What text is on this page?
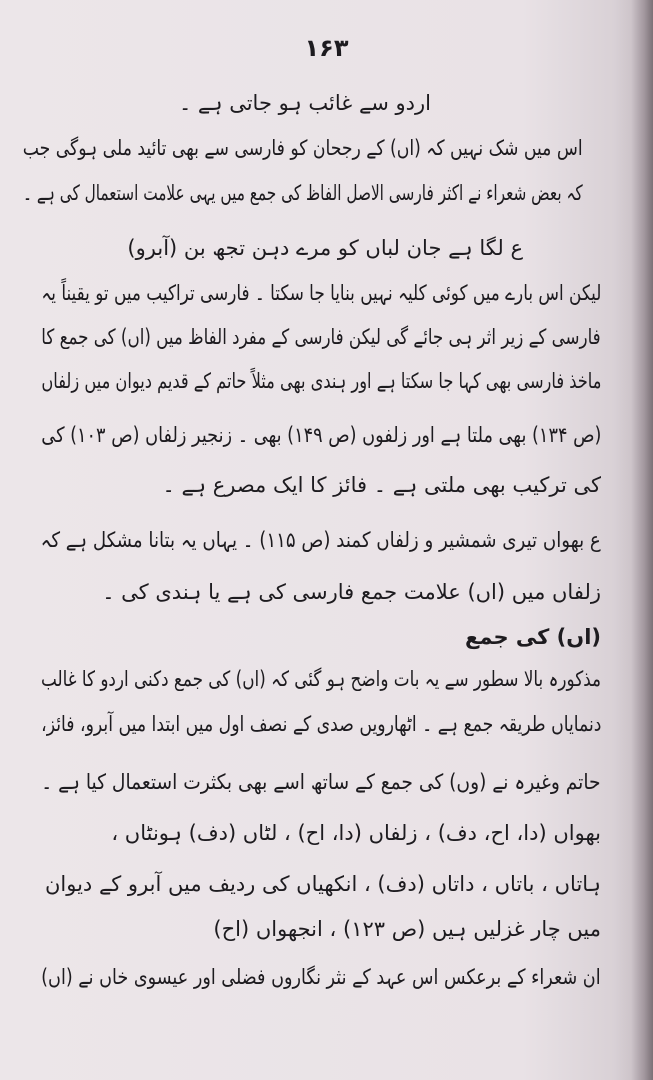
۱۶۳
اردو سے غائب ہو جاتی ہے ۔
اس میں شک نہیں کہ (اں) کے رجحان کو فارسی سے بھی تائید ملی ہوگی جب
کہ بعض شعراء نے اکثر فارسی الاصل الفاظ کی جمع میں یہی علامت استعمال کی ہے ۔
ع لگا ہے جان لباں کو مرے دہن تجھ بن (آبرو)
لیکن اس بارے میں کوئی کلیہ نہیں بنایا جا سکتا ۔ فارسی تراکیب میں تو یقیناً یہ
فارسی کے زیر اثر ہی جائے گی لیکن فارسی کے مفرد الفاظ میں (اں) کی جمع کا
ماخذ فارسی بھی کہا جا سکتا ہے اور ہندی بھی مثلاً حاتم کے قدیم دیوان میں زلفاں
(ص ۱۳۴) بھی ملتا ہے اور زلفوں (ص ۱۴۹) بھی ۔ زنجیر زلفاں (ص ۱۰۳) کی
کی ترکیب بھی ملتی ہے ۔ فائز کا ایک مصرع ہے ۔
ع بھواں تیری شمشیر و زلفاں کمند (ص ۱۱۵) ۔ یہاں یہ بتانا مشکل ہے کہ
زلفاں میں (اں) علامت جمع فارسی کی ہے یا ہندی کی ۔
(اں) کی جمع
مذکورہ بالا سطور سے یہ بات واضح ہو گئی کہ (اں) کی جمع دکنی اردو کا غالب
دنمایاں طریقہ جمع ہے ۔ اٹھارویں صدی کے نصف اول میں ابتدا میں آبرو، فائز،
حاتم وغیرہ نے (وں) کی جمع کے ساتھ اسے بھی بکثرت استعمال کیا ہے ۔
بھواں (دا، اح، دف) ، زلفاں (دا، اح) ، لٹاں (دف) ہونٹاں ،
ہاتاں ، باتاں ، داتاں (دف) ، انکھیاں کی ردیف میں آبرو کے دیوان
میں چار غزلیں ہیں (ص ۱۲۳) ، انجھواں (اح)
ان شعراء کے برعکس اس عہد کے نثر نگاروں فضلی اور عیسوی خاں نے (اں)
